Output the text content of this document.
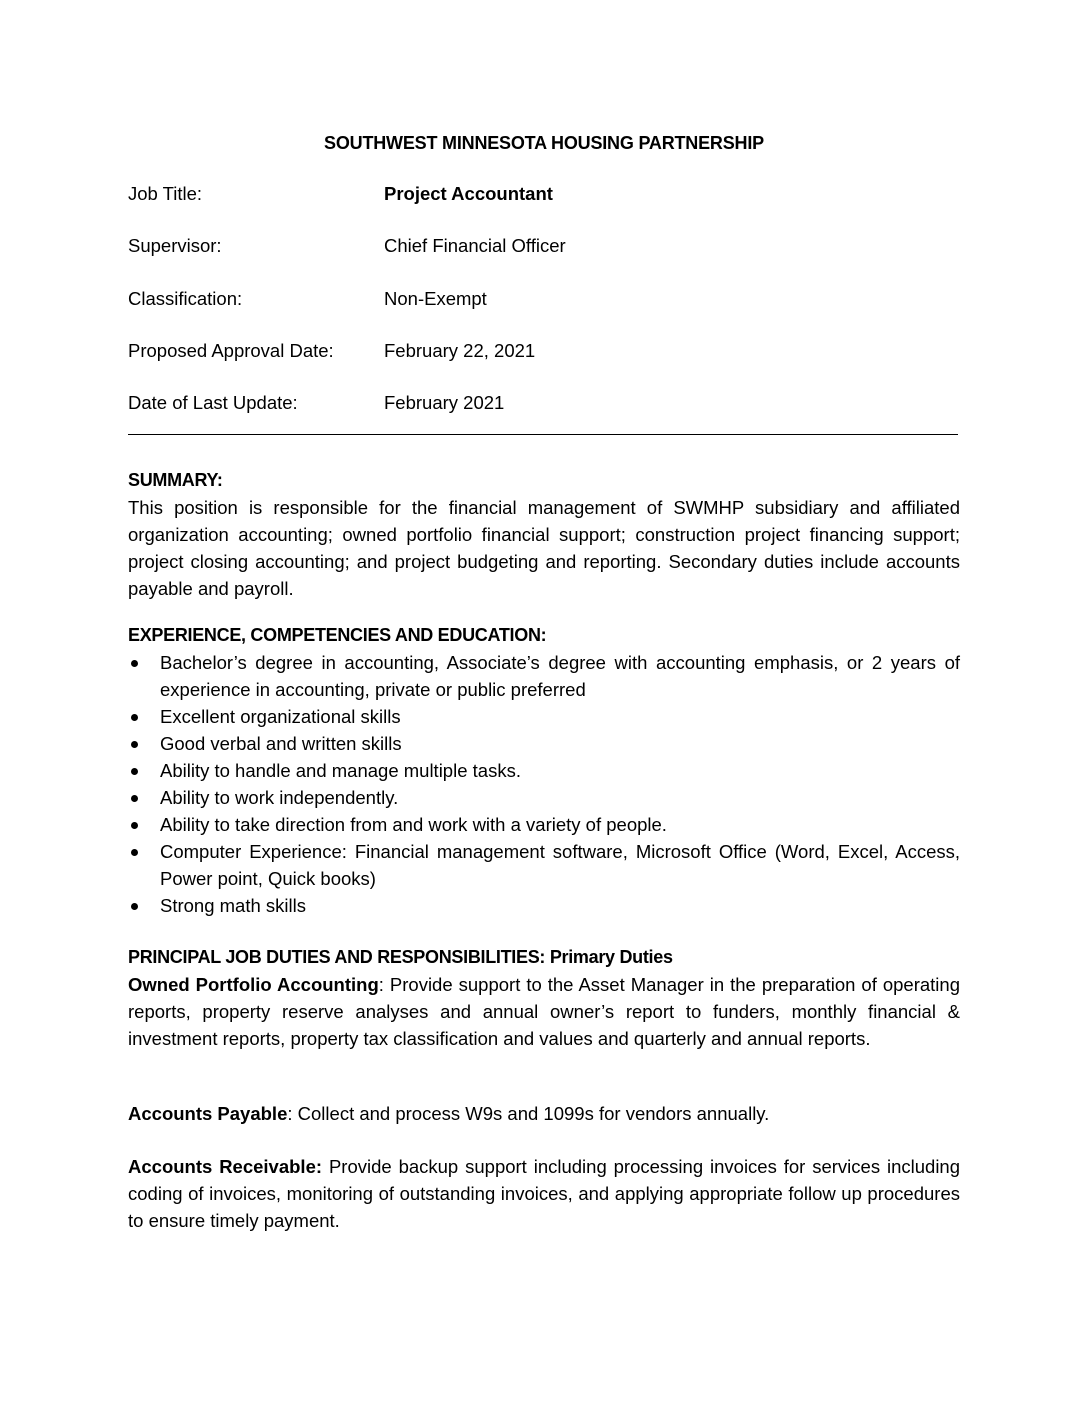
SOUTHWEST MINNESOTA HOUSING PARTNERSHIP
Job Title:	Project Accountant
Supervisor:	Chief Financial Officer
Classification:	Non-Exempt
Proposed Approval Date:	February 22, 2021
Date of Last Update:	February 2021
SUMMARY:

This position is responsible for the financial management of SWMHP subsidiary and affiliated organization accounting; owned portfolio financial support; construction project financing support; project closing accounting; and project budgeting and reporting. Secondary duties include accounts payable and payroll.

EXPERIENCE, COMPETENCIES AND EDUCATION:
Bachelor’s degree in accounting, Associate’s degree with accounting emphasis, or 2 years of experience in accounting, private or public preferred
Excellent organizational skills
Good verbal and written skills
Ability to handle and manage multiple tasks.
Ability to work independently.
Ability to take direction from and work with a variety of people.
Computer Experience: Financial management software, Microsoft Office (Word, Excel, Access, Power point, Quick books)
Strong math skills
PRINCIPAL JOB DUTIES AND RESPONSIBILITIES: Primary Duties

Owned Portfolio Accounting: Provide support to the Asset Manager in the preparation of operating reports, property reserve analyses and annual owner’s report to funders, monthly financial & investment reports, property tax classification and values and quarterly and annual reports.

Accounts Payable: Collect and process W9s and 1099s for vendors annually.

Accounts Receivable: Provide backup support including processing invoices for services including coding of invoices, monitoring of outstanding invoices, and applying appropriate follow up procedures to ensure timely payment.
